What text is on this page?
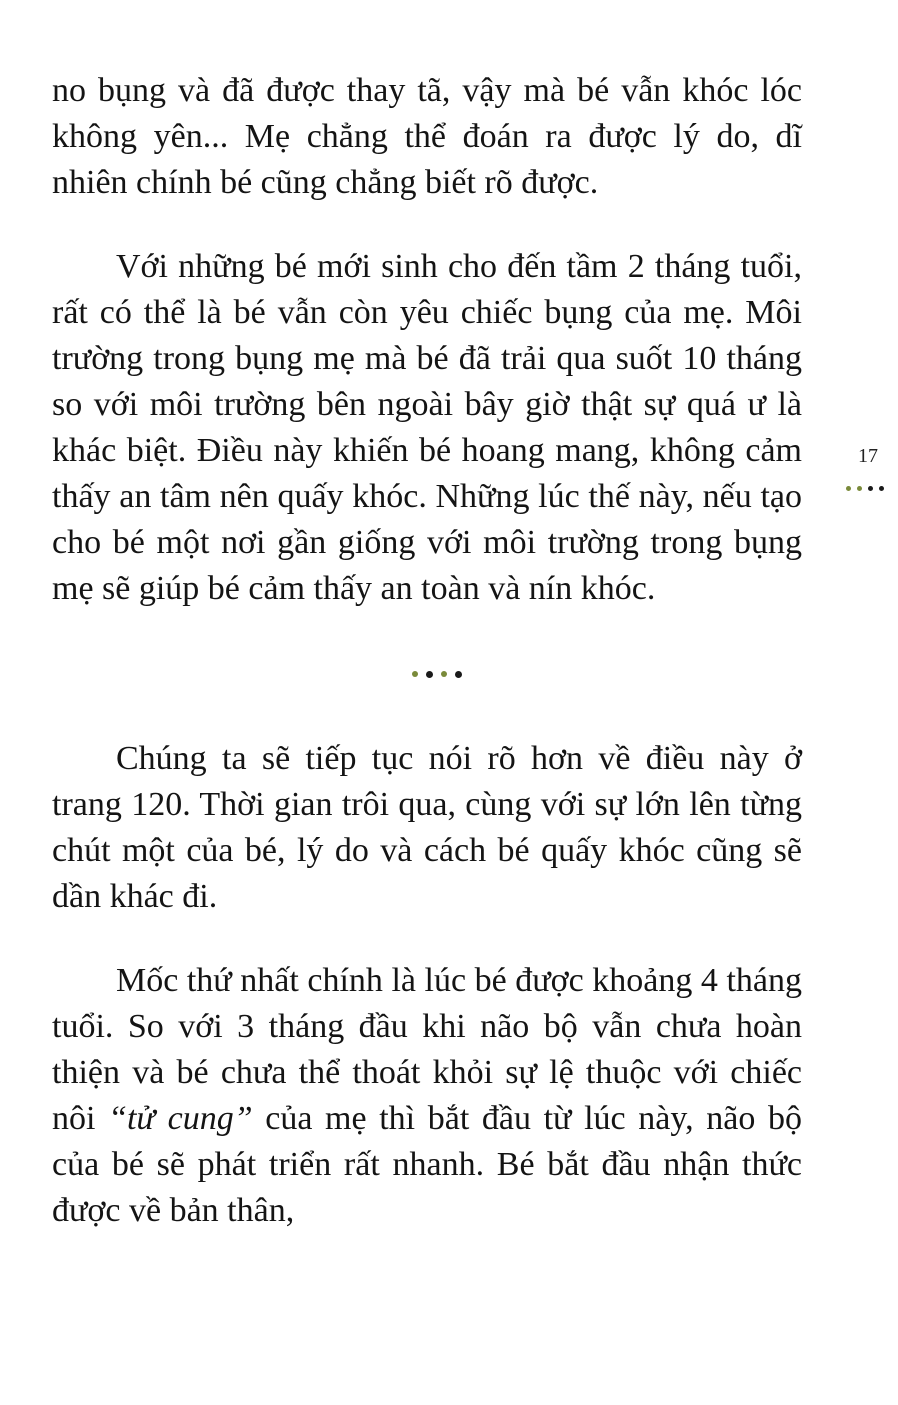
no bụng và đã được thay tã, vậy mà bé vẫn khóc lóc không yên... Mẹ chẳng thể đoán ra được lý do, dĩ nhiên chính bé cũng chẳng biết rõ được.

Với những bé mới sinh cho đến tầm 2 tháng tuổi, rất có thể là bé vẫn còn yêu chiếc bụng của mẹ. Môi trường trong bụng mẹ mà bé đã trải qua suốt 10 tháng so với môi trường bên ngoài bây giờ thật sự quá ư là khác biệt. Điều này khiến bé hoang mang, không cảm thấy an tâm nên quấy khóc. Những lúc thế này, nếu tạo cho bé một nơi gần giống với môi trường trong bụng mẹ sẽ giúp bé cảm thấy an toàn và nín khóc.

Chúng ta sẽ tiếp tục nói rõ hơn về điều này ở trang 120. Thời gian trôi qua, cùng với sự lớn lên từng chút một của bé, lý do và cách bé quấy khóc cũng sẽ dần khác đi.

Mốc thứ nhất chính là lúc bé được khoảng 4 tháng tuổi. So với 3 tháng đầu khi não bộ vẫn chưa hoàn thiện và bé chưa thể thoát khỏi sự lệ thuộc với chiếc nôi “tử cung” của mẹ thì bắt đầu từ lúc này, não bộ của bé sẽ phát triển rất nhanh. Bé bắt đầu nhận thức được về bản thân,

17
